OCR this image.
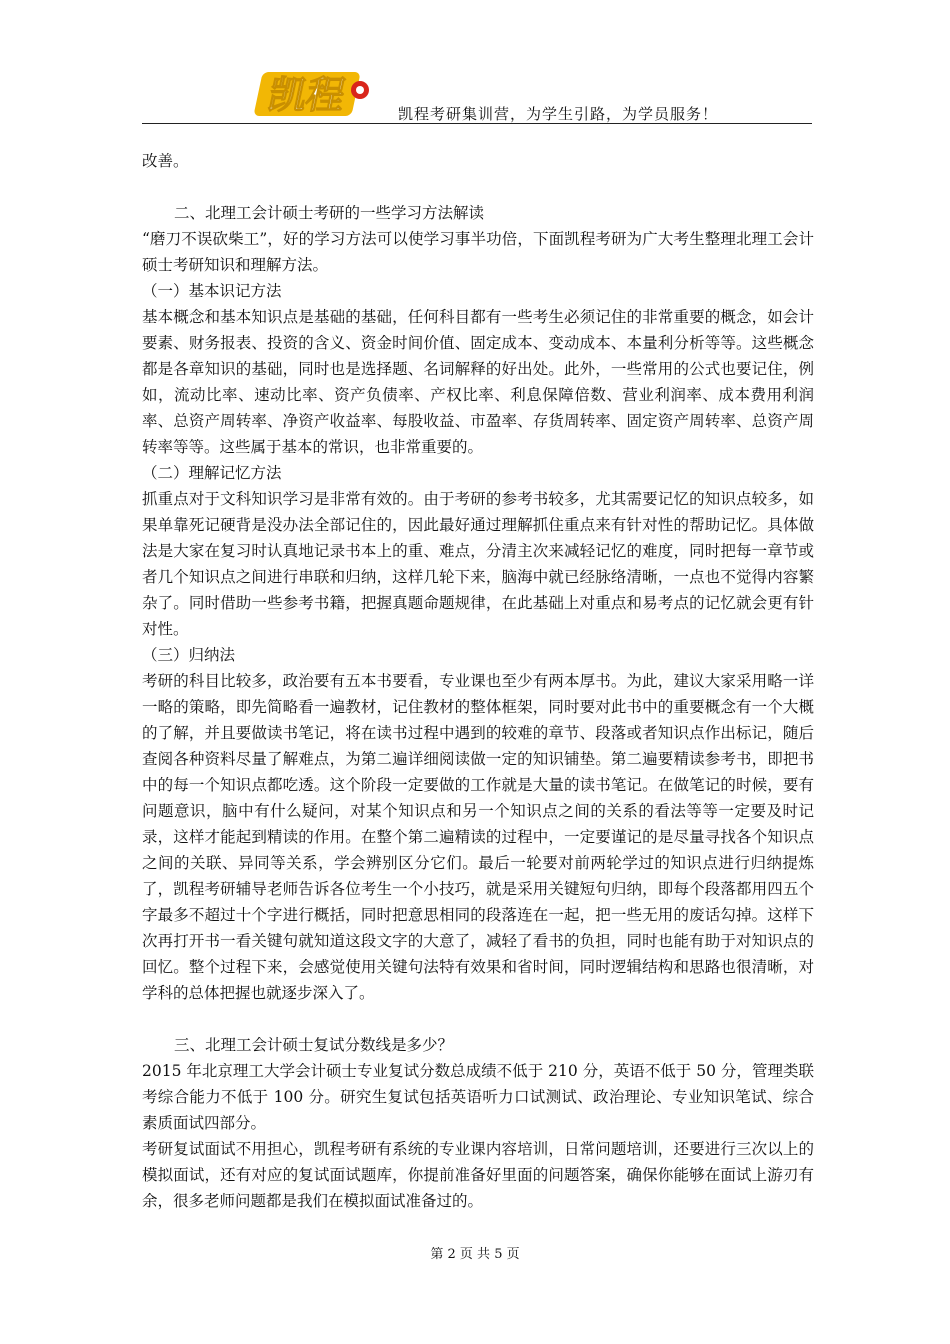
凯程	凯程考研集训营，为学生引路，为学员服务！

改善。

二、北理工会计硕士考研的一些学习方法解读

“磨刀不误砍柴工”，好的学习方法可以使学习事半功倍，下面凯程考研为广大考生整理北理工会计硕士考研知识和理解方法。

（一）基本识记方法

基本概念和基本知识点是基础的基础，任何科目都有一些考生必须记住的非常重要的概念，如会计要素、财务报表、投资的含义、资金时间价值、固定成本、变动成本、本量利分析等等。这些概念都是各章知识的基础，同时也是选择题、名词解释的好出处。此外，一些常用的公式也要记住，例如，流动比率、速动比率、资产负债率、产权比率、利息保障倍数、营业利润率、成本费用利润率、总资产周转率、净资产收益率、每股收益、市盈率、存货周转率、固定资产周转率、总资产周转率等等。这些属于基本的常识，也非常重要的。

（二）理解记忆方法

抓重点对于文科知识学习是非常有效的。由于考研的参考书较多，尤其需要记忆的知识点较多，如果单靠死记硬背是没办法全部记住的，因此最好通过理解抓住重点来有针对性的帮助记忆。具体做法是大家在复习时认真地记录书本上的重、难点，分清主次来减轻记忆的难度，同时把每一章节或者几个知识点之间进行串联和归纳，这样几轮下来，脑海中就已经脉络清晰，一点也不觉得内容繁杂了。同时借助一些参考书籍，把握真题命题规律，在此基础上对重点和易考点的记忆就会更有针对性。

（三）归纳法

考研的科目比较多，政治要有五本书要看，专业课也至少有两本厚书。为此，建议大家采用略一详一略的策略，即先简略看一遍教材，记住教材的整体框架，同时要对此书中的重要概念有一个大概的了解，并且要做读书笔记，将在读书过程中遇到的较难的章节、段落或者知识点作出标记，随后查阅各种资料尽量了解难点，为第二遍详细阅读做一定的知识铺垫。第二遍要精读参考书，即把书中的每一个知识点都吃透。这个阶段一定要做的工作就是大量的读书笔记。在做笔记的时候，要有问题意识，脑中有什么疑问，对某个知识点和另一个知识点之间的关系的看法等等一定要及时记录，这样才能起到精读的作用。在整个第二遍精读的过程中，一定要谨记的是尽量寻找各个知识点之间的关联、异同等关系，学会辨别区分它们。最后一轮要对前两轮学过的知识点进行归纳提炼了，凯程考研辅导老师告诉各位考生一个小技巧，就是采用关键短句归纳，即每个段落都用四五个字最多不超过十个字进行概括，同时把意思相同的段落连在一起，把一些无用的废话勾掉。这样下次再打开书一看关键句就知道这段文字的大意了，减轻了看书的负担，同时也能有助于对知识点的回忆。整个过程下来，会感觉使用关键句法特有效果和省时间，同时逻辑结构和思路也很清晰，对学科的总体把握也就逐步深入了。

三、北理工会计硕士复试分数线是多少？

2015 年北京理工大学会计硕士专业复试分数总成绩不低于 210 分，英语不低于 50 分，管理类联考综合能力不低于 100 分。研究生复试包括英语听力口试测试、政治理论、专业知识笔试、综合素质面试四部分。

考研复试面试不用担心，凯程考研有系统的专业课内容培训，日常问题培训，还要进行三次以上的模拟面试，还有对应的复试面试题库，你提前准备好里面的问题答案，确保你能够在面试上游刃有余，很多老师问题都是我们在模拟面试准备过的。

第 2 页 共 5 页
